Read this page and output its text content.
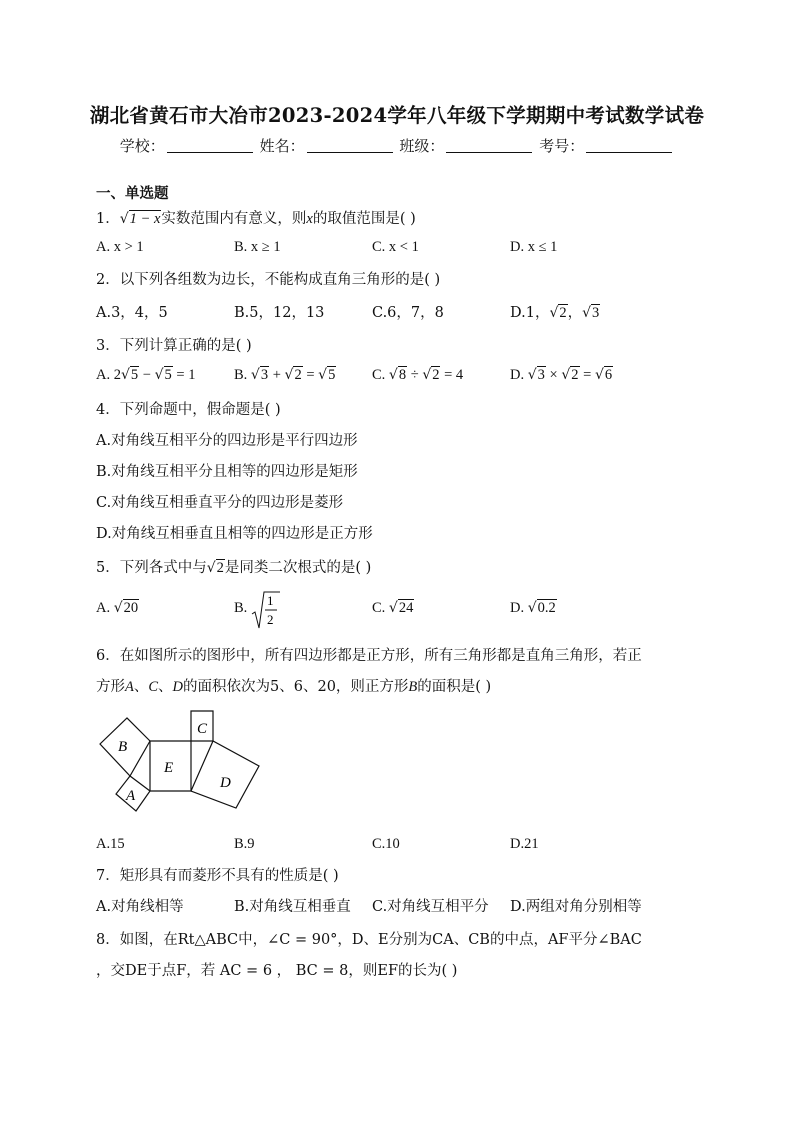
湖北省黄石市大冶市2023-2024学年八年级下学期期中考试数学试卷
学校：	姓名：	班级：	考号：
一、单选题
1．√1 − x实数范围内有意义，则x的取值范围是( )
A. x > 1	B. x ≥ 1	C. x < 1	D. x ≤ 1
2．以下列各组数为边长，不能构成直角三角形的是( )
A.3，4，5	B.5，12，13	C.6，7，8	D.1，√2，√3
3．下列计算正确的是( )
A. 2√5 − √5 = 1	B. √3 + √2 = √5	C. √8 ÷ √2 = 4	D. √3 × √2 = √6
4．下列命题中，假命题是( )
A.对角线互相平分的四边形是平行四边形
B.对角线互相平分且相等的四边形是矩形
C.对角线互相垂直平分的四边形是菱形
D.对角线互相垂直且相等的四边形是正方形
5．下列各式中与√2是同类二次根式的是( )
A. √20	B. 1
2
C. √24	D. √0.2
6．在如图所示的图形中，所有四边形都是正方形，所有三角形都是直角三角形，若正
方形A、C、D的面积依次为5、6、20，则正方形B的面积是( )
B
E
C
D
A
A.15	B.9	C.10	D.21
7．矩形具有而菱形不具有的性质是( )
A.对角线相等	B.对角线互相垂直 C.对角线互相平分 D.两组对角分别相等
8．如图，在Rt△ABC中，∠C = 90°，D、E分别为CA、CB的中点，AF平分∠BAC
，交DE于点F，若 AC = 6 ， BC = 8，则EF的长为( )
